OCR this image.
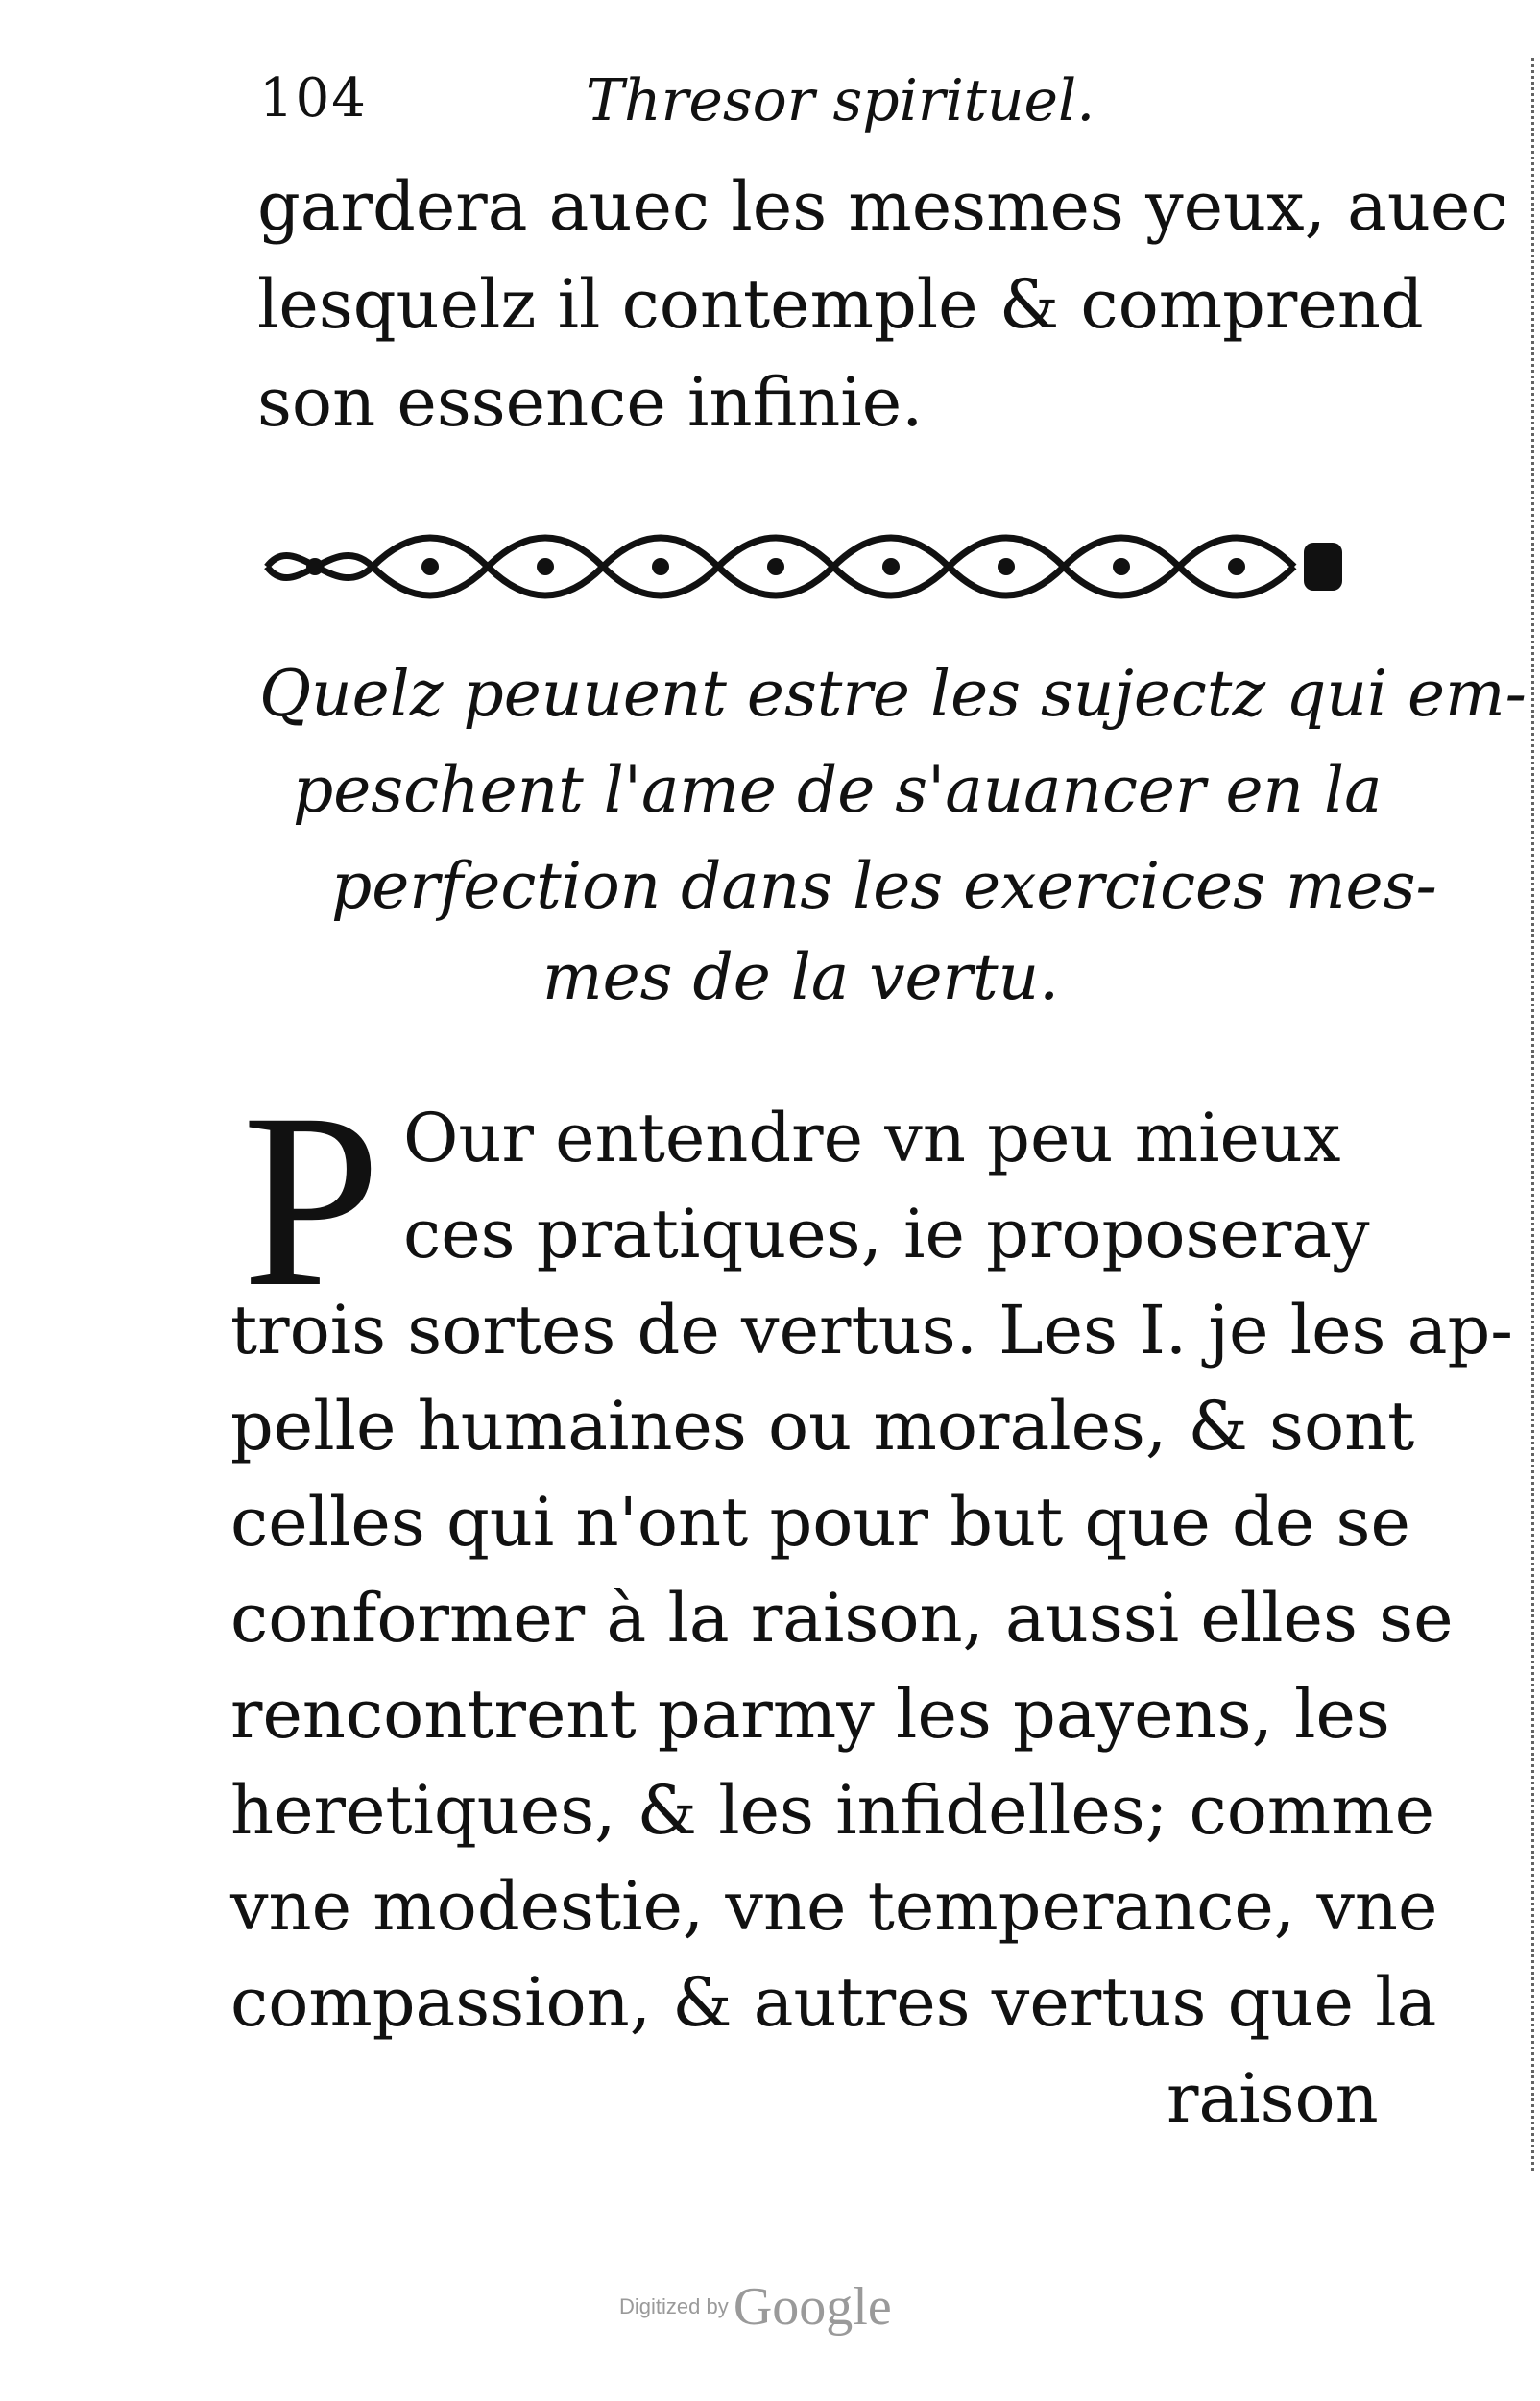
104	Thresor spirituel.
gardera auec les mesmes yeux, auec
lesquelz il contemple & comprend
son essence infinie.
Quelz peuuent estre les sujectz qui em-
peschent l'ame de s'auancer en la
perfection dans les exercices mes-
mes de la vertu.
P Our entendre vn peu mieux
ces pratiques, ie proposeray
trois sortes de vertus. Les I. je les ap-
pelle humaines ou morales, & sont
celles qui n'ont pour but que de se
conformer à la raison, aussi elles se
rencontrent parmy les payens, les
heretiques, & les infidelles; comme
vne modestie, vne temperance, vne
compassion, & autres vertus que la
raison
Digitized by Google
